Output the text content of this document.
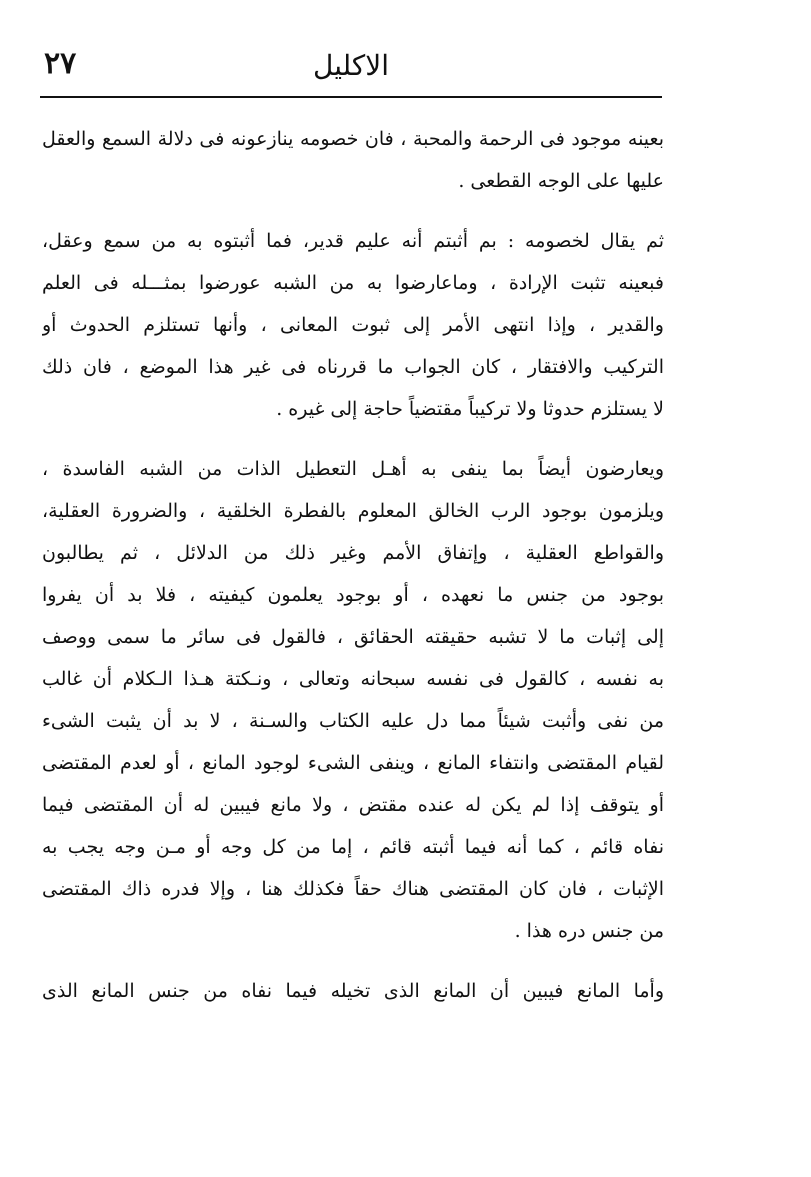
٢٧	الاكليل
بعينه موجود فى الرحمة والمحبة ، فان خصومه ينازعونه فى دلالة السمع والعقل
عليها على الوجه القطعى .
ثم يقال لخصومه : بم أثبتم أنه عليم قدير، فما أثبتوه به من سمع وعقل،
فبعينه تثبت الإرادة ، وماعارضوا به من الشبه عورضوا بمثـــله فى العلم
والقدير ، وإذا انتهى الأمر إلى ثبوت المعانى ، وأنها تستلزم الحدوث أو
التركيب والافتقار ، كان الجواب ما قررناه فى غير هذا الموضع ، فان ذلك
لا يستلزم حدوثا ولا تركيباً مقتضياً حاجة إلى غيره .
ويعارضون أيضاً بما ينفى به أهـل التعطيل الذات من الشبه الفاسدة ،
ويلزمون بوجود الرب الخالق المعلوم بالفطرة الخلقية ، والضرورة العقلية،
والقواطع العقلية ، وإتفاق الأمم وغير ذلك من الدلائل ، ثم يطالبون
بوجود من جنس ما نعهده ، أو بوجود يعلمون كيفيته ، فلا بد أن يفروا
إلى إثبات ما لا تشبه حقيقته الحقائق ، فالقول فى سائر ما سمى ووصف
به نفسه ، كالقول فى نفسه سبحانه وتعالى ، ونـكتة هـذا الـكلام أن غالب
من نفى وأثبت شيئاً مما دل عليه الكتاب والسـنة ، لا بد أن يثبت الشىء
لقيام المقتضى وانتفاء المانع ، وينفى الشىء لوجود المانع ، أو لعدم المقتضى
أو يتوقف إذا لم يكن له عنده مقتض ، ولا مانع فيبين له أن المقتضى فيما
نفاه قائم ، كما أنه فيما أثبته قائم ، إما من كل وجه أو مـن وجه يجب به
الإثبات ، فان كان المقتضى هناك حقاً فكذلك هنا ، وإلا فدره ذاك المقتضى
من جنس دره هذا .
وأما المانع فيبين أن المانع الذى تخيله فيما نفاه من جنس المانع الذى
